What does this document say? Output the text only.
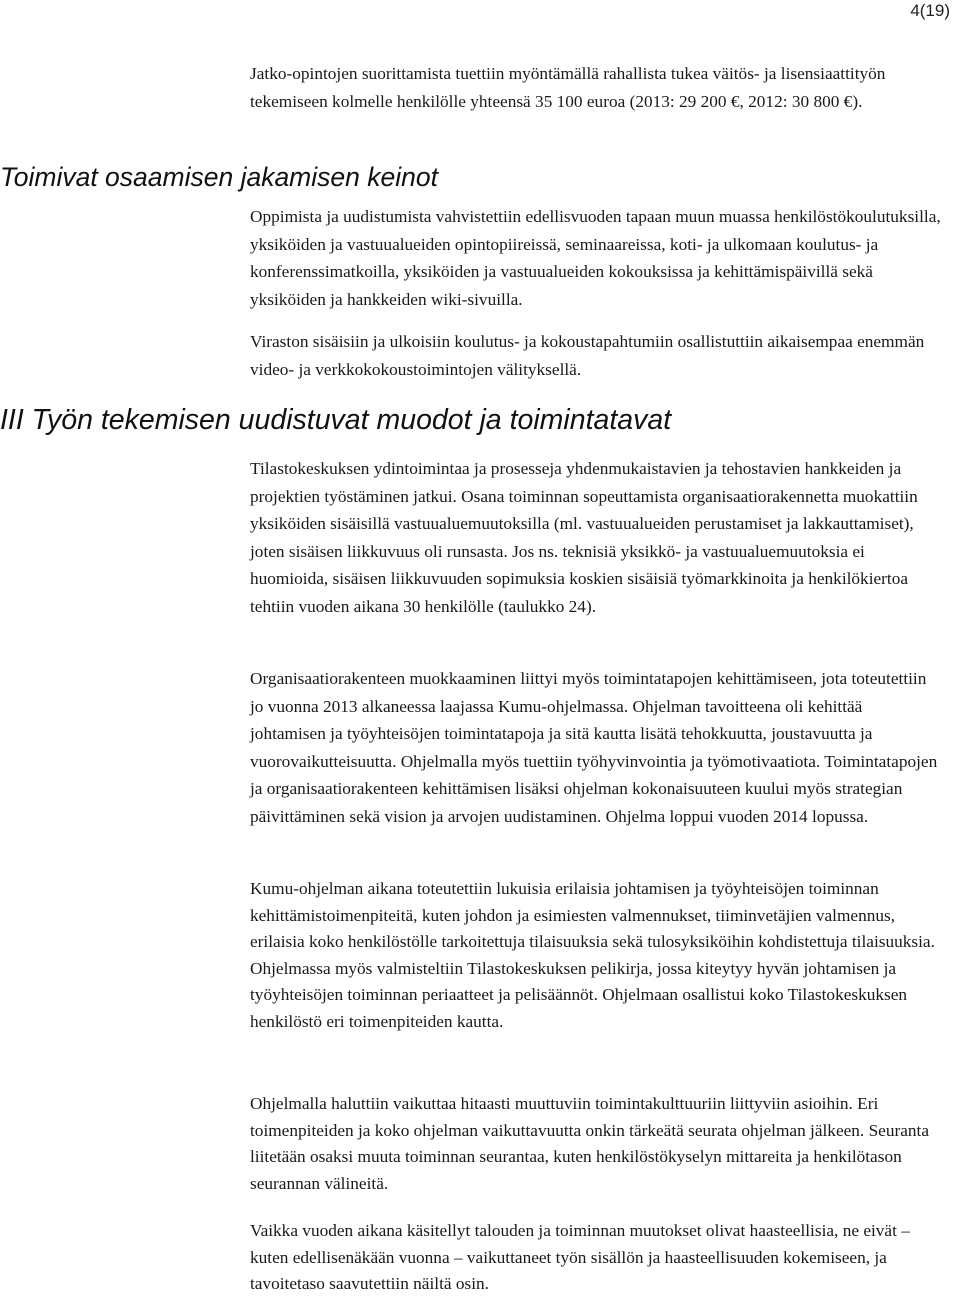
4(19)

Jatko-opintojen suorittamista tuettiin myöntämällä rahallista tukea väitös- ja lisensiaattityön tekemiseen kolmelle henkilölle yhteensä 35 100 euroa (2013: 29 200 €, 2012: 30 800 €).

Toimivat osaamisen jakamisen keinot

Oppimista ja uudistumista vahvistettiin edellisvuoden tapaan muun muassa henkilöstökoulutuksilla, yksiköiden ja vastuualueiden opintopiireissä, seminaareissa, koti- ja ulkomaan koulutus- ja konferenssimatkoilla, yksiköiden ja vastuualueiden kokouksissa ja kehittämispäivillä sekä yksiköiden ja hankkeiden wiki-sivuilla.

Viraston sisäisiin ja ulkoisiin koulutus- ja kokoustapahtumiin osallistuttiin aikaisempaa enemmän video- ja verkkokokoustoimintojen välityksellä.

III Työn tekemisen uudistuvat muodot ja toimintatavat

Tilastokeskuksen ydintoimintaa ja prosesseja yhdenmukaistavien ja tehostavien hankkeiden ja projektien työstäminen jatkui. Osana toiminnan sopeuttamista organisaatiorakennetta muokattiin yksiköiden sisäisillä vastuualuemuutoksilla (ml. vastuualueiden perustamiset ja lakkauttamiset), joten sisäisen liikkuvuus oli runsasta. Jos ns. teknisiä yksikkö- ja vastuualuemuutoksia ei huomioida, sisäisen liikkuvuuden sopimuksia koskien sisäisiä työmarkkinoita ja henkilökiertoa tehtiin vuoden aikana 30 henkilölle (taulukko 24).

Organisaatiorakenteen muokkaaminen liittyi myös toimintatapojen kehittämiseen, jota toteutettiin jo vuonna 2013 alkaneessa laajassa Kumu-ohjelmassa. Ohjelman tavoitteena oli kehittää johtamisen ja työyhteisöjen toimintatapoja ja sitä kautta lisätä tehokkuutta, joustavuutta ja vuorovaikutteisuutta. Ohjelmalla myös tuettiin työhyvinvointia ja työmotivaatiota. Toimintatapojen ja organisaatiorakenteen kehittämisen lisäksi ohjelman kokonaisuuteen kuului myös strategian päivittäminen sekä vision ja arvojen uudistaminen. Ohjelma loppui vuoden 2014 lopussa.

Kumu-ohjelman aikana toteutettiin lukuisia erilaisia johtamisen ja työyhteisöjen toiminnan kehittämistoimenpiteitä, kuten johdon ja esimiesten valmennukset, tiiminvetäjien valmennus, erilaisia koko henkilöstölle tarkoitettuja tilaisuuksia sekä tulosyksiköihin kohdistettuja tilaisuuksia. Ohjelmassa myös valmisteltiin Tilastokeskuksen pelikirja, jossa kiteytyy hyvän johtamisen ja työyhteisöjen toiminnan periaatteet ja pelisäännöt. Ohjelmaan osallistui koko Tilastokeskuksen henkilöstö eri toimenpiteiden kautta.

Ohjelmalla haluttiin vaikuttaa hitaasti muuttuviin toimintakulttuuriin liittyviin asioihin. Eri toimenpiteiden ja koko ohjelman vaikuttavuutta onkin tärkeätä seurata ohjelman jälkeen. Seuranta liitetään osaksi muuta toiminnan seurantaa, kuten henkilöstökyselyn mittareita ja henkilötason seurannan välineitä.

Vaikka vuoden aikana käsitellyt talouden ja toiminnan muutokset olivat haasteellisia, ne eivät – kuten edellisenäkään vuonna – vaikuttaneet työn sisällön ja haasteellisuuden kokemiseen, ja tavoitetaso saavutettiin näiltä osin.
